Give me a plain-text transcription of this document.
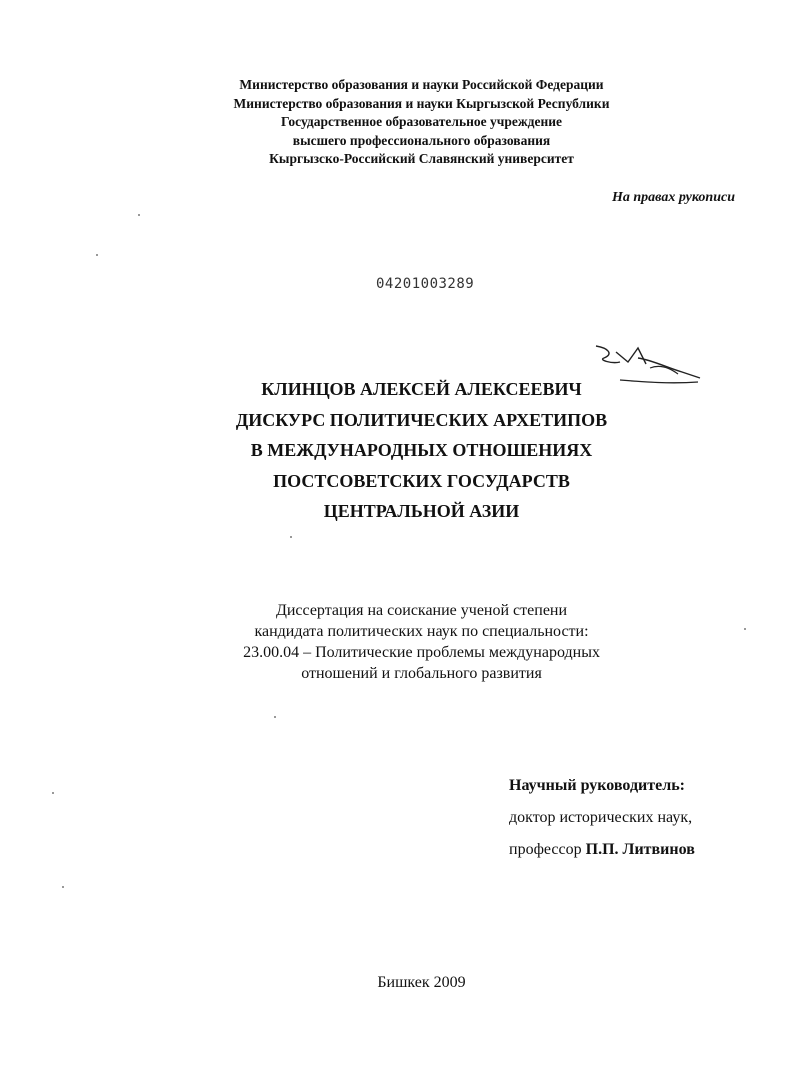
Министерство образования и науки Российской Федерации
Министерство образования и науки Кыргызской Республики
Государственное образовательное учреждение
высшего профессионального образования
Кыргызско-Российский Славянский университет
На правах рукописи
04201003289
КЛИНЦОВ АЛЕКСЕЙ АЛЕКСЕЕВИЧ
ДИСКУРС ПОЛИТИЧЕСКИХ АРХЕТИПОВ
В МЕЖДУНАРОДНЫХ ОТНОШЕНИЯХ
ПОСТСОВЕТСКИХ ГОСУДАРСТВ
ЦЕНТРАЛЬНОЙ АЗИИ
Диссертация на соискание ученой степени
кандидата политических наук по специальности:
23.00.04 – Политические проблемы международных
отношений и глобального развития
Научный руководитель:
доктор исторических наук,
профессор П.П. Литвинов
Бишкек 2009
